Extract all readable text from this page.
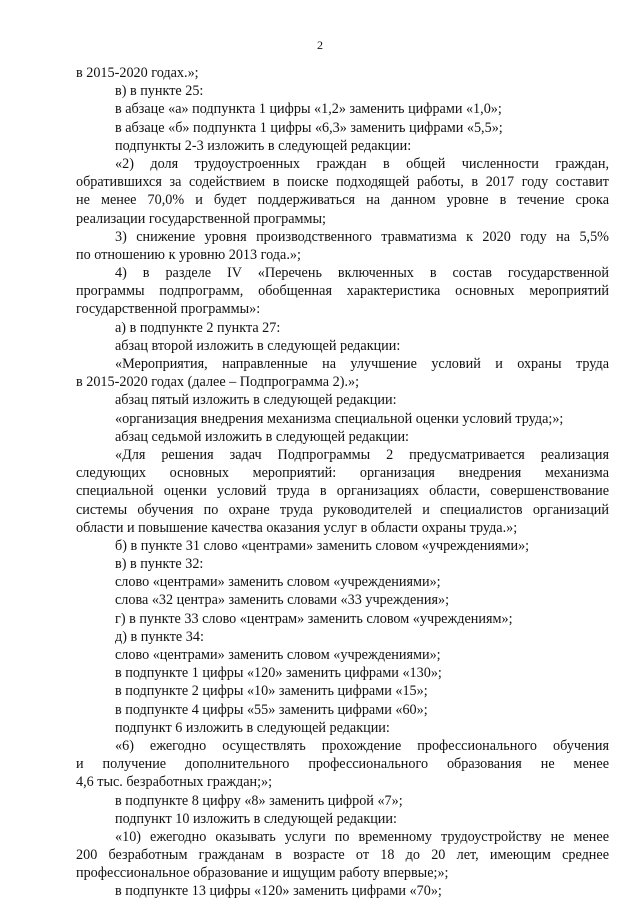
2
в 2015-2020 годах.»;
в) в пункте 25:
в абзаце «а» подпункта 1 цифры «1,2» заменить цифрами «1,0»;
в абзаце «б» подпункта 1 цифры «6,3» заменить цифрами «5,5»;
подпункты 2-3 изложить в следующей редакции:
«2) доля трудоустроенных граждан в общей численности граждан,
обратившихся за содействием в поиске подходящей работы, в 2017 году составит
не менее 70,0% и будет поддерживаться на данном уровне в течение срока
реализации государственной программы;
3) снижение уровня производственного травматизма к 2020 году на 5,5%
по отношению к уровню 2013 года.»;
4) в разделе IV «Перечень включенных в состав государственной
программы подпрограмм, обобщенная характеристика основных мероприятий
государственной программы»:
а) в подпункте 2 пункта 27:
абзац второй изложить в следующей редакции:
«Мероприятия, направленные на улучшение условий и охраны труда
в 2015-2020 годах (далее – Подпрограмма 2).»;
абзац пятый изложить в следующей редакции:
«организация внедрения механизма специальной оценки условий труда;»;
абзац седьмой изложить в следующей редакции:
«Для решения задач Подпрограммы 2 предусматривается реализация
следующих основных мероприятий: организация внедрения механизма
специальной оценки условий труда в организациях области, совершенствование
системы обучения по охране труда руководителей и специалистов организаций
области и повышение качества оказания услуг в области охраны труда.»;
б) в пункте 31 слово «центрами» заменить словом «учреждениями»;
в) в пункте 32:
слово «центрами» заменить словом «учреждениями»;
слова «32 центра» заменить словами «33 учреждения»;
г) в пункте 33 слово «центрам» заменить словом «учреждениям»;
д) в пункте 34:
слово «центрами» заменить словом «учреждениями»;
в подпункте 1 цифры «120» заменить цифрами «130»;
в подпункте 2 цифры «10» заменить цифрами «15»;
в подпункте 4 цифры «55» заменить цифрами «60»;
подпункт 6 изложить в следующей редакции:
«6) ежегодно осуществлять прохождение профессионального обучения
и получение дополнительного профессионального образования не менее
4,6 тыс. безработных граждан;»;
в подпункте 8 цифру «8» заменить цифрой «7»;
подпункт 10 изложить в следующей редакции:
«10) ежегодно оказывать услуги по временному трудоустройству не менее
200 безработным гражданам в возрасте от 18 до 20 лет, имеющим среднее
профессиональное образование и ищущим работу впервые;»;
в подпункте 13 цифры «120» заменить цифрами «70»;
